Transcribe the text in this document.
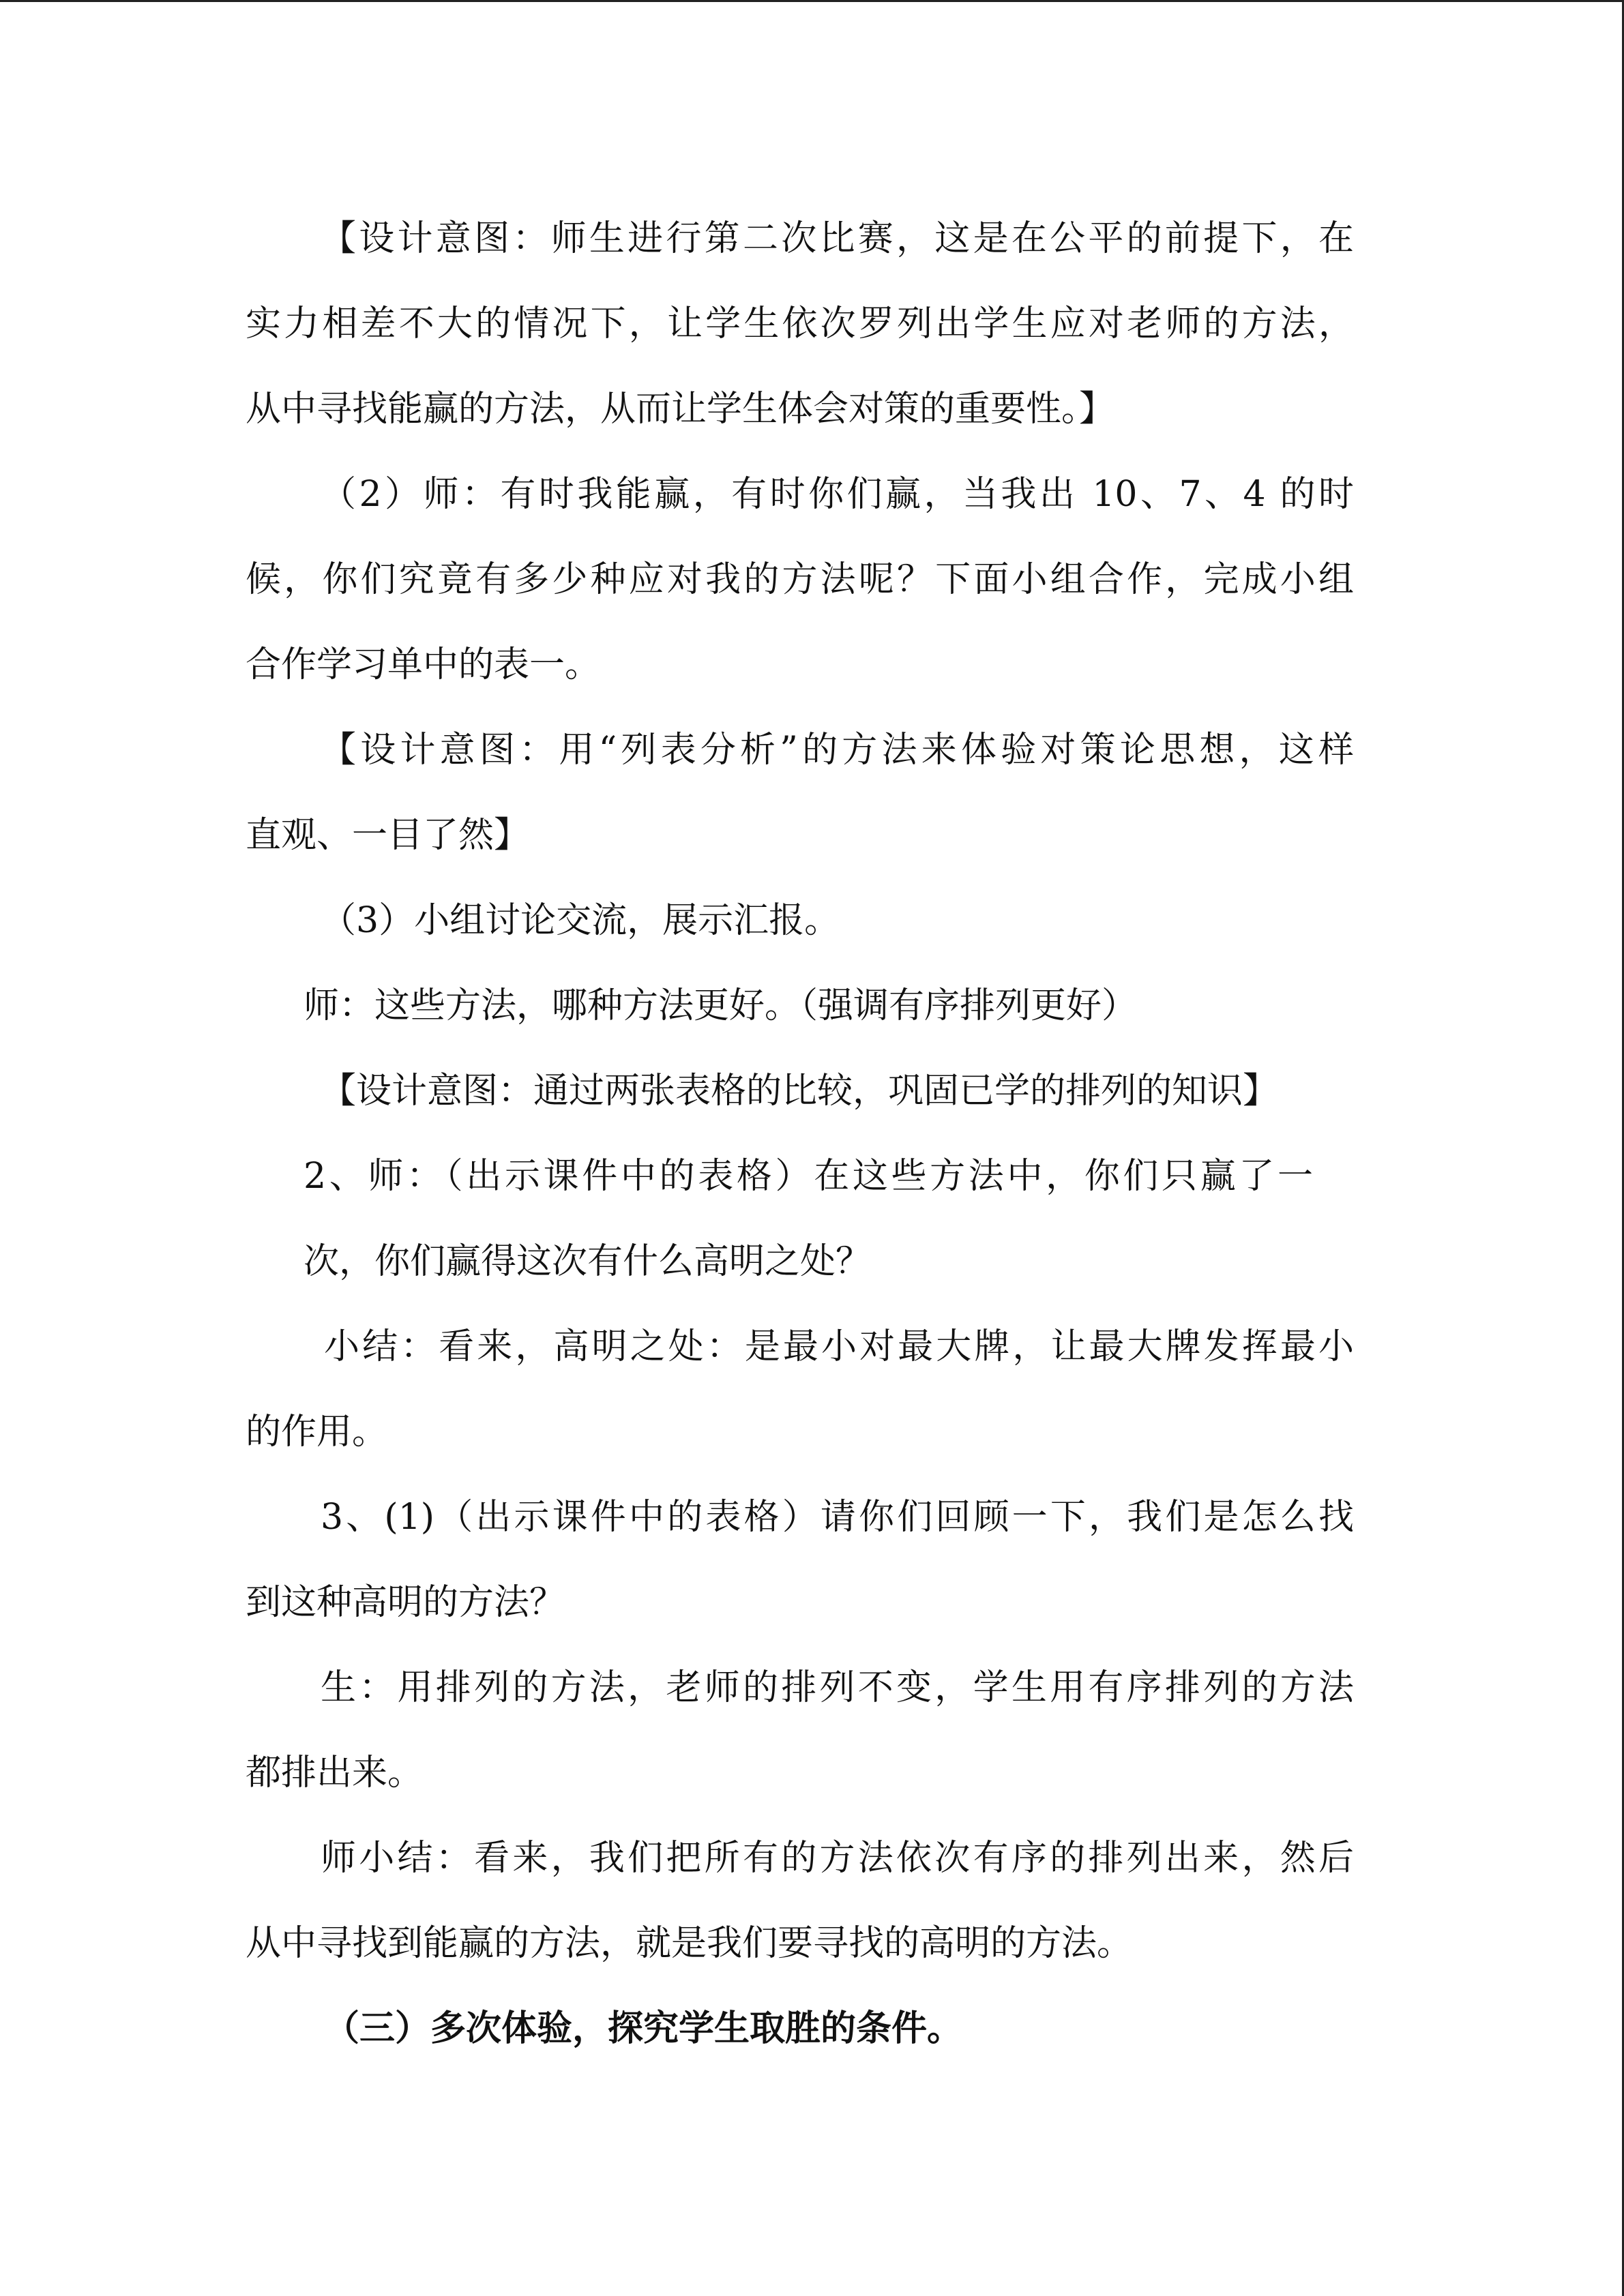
【设计意图：师生进行第二次比赛，这是在公平的前提下，在
实力相差不大的情况下，让学生依次罗列出学生应对老师的方法，
从中寻找能赢的方法，从而让学生体会对策的重要性。】
（2）师：有时我能赢，有时你们赢，当我出 10、7、4 的时
候，你们究竟有多少种应对我的方法呢？下面小组合作，完成小组
合作学习单中的表一。
【设计意图：用“列表分析”的方法来体验对策论思想，这样
直观、一目了然】
（3）小组讨论交流，展示汇报。
师：这些方法，哪种方法更好。（强调有序排列更好）
【设计意图：通过两张表格的比较，巩固已学的排列的知识】
2、师：（出示课件中的表格）在这些方法中，你们只赢了一
次，你们赢得这次有什么高明之处？
小结：看来，高明之处：是最小对最大牌，让最大牌发挥最小
的作用。
3、(1)（出示课件中的表格）请你们回顾一下，我们是怎么找
到这种高明的方法？
生：用排列的方法，老师的排列不变，学生用有序排列的方法
都排出来。
师小结：看来，我们把所有的方法依次有序的排列出来，然后
从中寻找到能赢的方法，就是我们要寻找的高明的方法。
（三）多次体验，探究学生取胜的条件。
